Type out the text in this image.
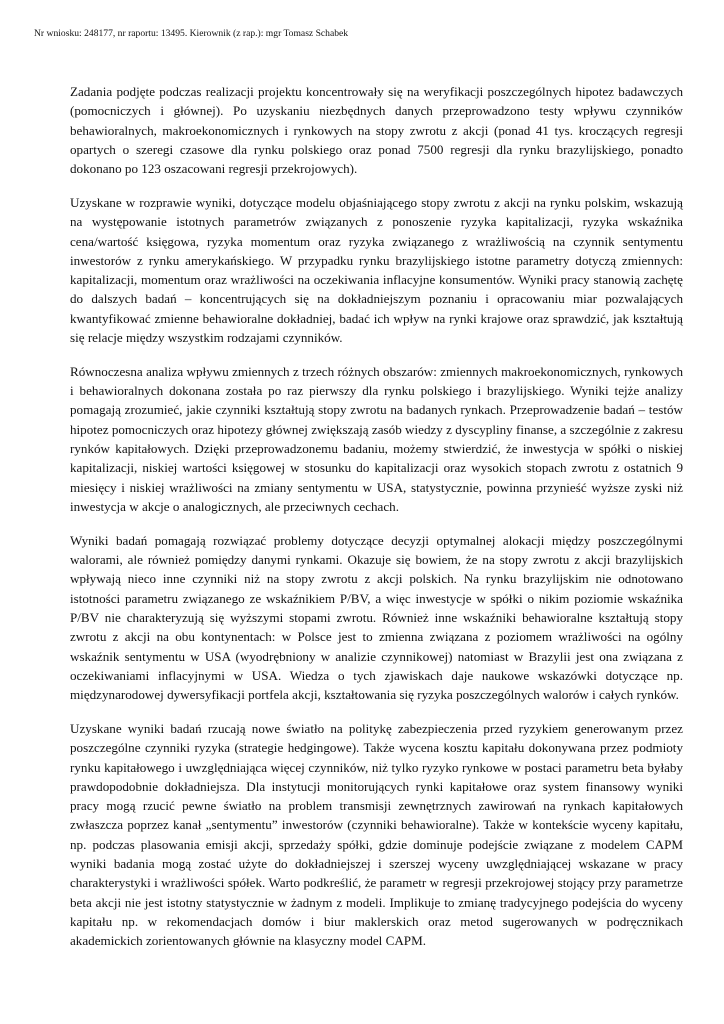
Nr wniosku: 248177, nr raportu: 13495. Kierownik (z rap.): mgr Tomasz Schabek

Zadania podjęte podczas realizacji projektu koncentrowały się na weryfikacji poszczególnych hipotez badawczych (pomocniczych i głównej). Po uzyskaniu niezbędnych danych przeprowadzono testy wpływu czynników behawioralnych, makroekonomicznych i rynkowych na stopy zwrotu z akcji (ponad 41 tys. kroczących regresji opartych o szeregi czasowe dla rynku polskiego oraz ponad 7500 regresji dla rynku brazylijskiego, ponadto dokonano po 123 oszacowani regresji przekrojowych).

Uzyskane w rozprawie wyniki, dotyczące modelu objaśniającego stopy zwrotu z akcji na rynku polskim, wskazują na występowanie istotnych parametrów związanych z ponoszenie ryzyka kapitalizacji, ryzyka wskaźnika cena/wartość księgowa, ryzyka momentum oraz ryzyka związanego z wrażliwością na czynnik sentymentu inwestorów z rynku amerykańskiego. W przypadku rynku brazylijskiego istotne parametry dotyczą zmiennych: kapitalizacji, momentum oraz wrażliwości na oczekiwania inflacyjne konsumentów. Wyniki pracy stanowią zachętę do dalszych badań – koncentrujących się na dokładniejszym poznaniu i opracowaniu miar pozwalających kwantyfikować zmienne behawioralne dokładniej, badać ich wpływ na rynki krajowe oraz sprawdzić, jak kształtują się relacje między wszystkim rodzajami czynników.

Równoczesna analiza wpływu zmiennych z trzech różnych obszarów: zmiennych makroekonomicznych, rynkowych i behawioralnych dokonana została po raz pierwszy dla rynku polskiego i brazylijskiego. Wyniki tejże analizy pomagają zrozumieć, jakie czynniki kształtują stopy zwrotu na badanych rynkach. Przeprowadzenie badań – testów hipotez pomocniczych oraz hipotezy głównej zwiększają zasób wiedzy z dyscypliny finanse, a szczególnie z zakresu rynków kapitałowych. Dzięki przeprowadzonemu badaniu, możemy stwierdzić, że inwestycja w spółki o niskiej kapitalizacji, niskiej wartości księgowej w stosunku do kapitalizacji oraz wysokich stopach zwrotu z ostatnich 9 miesięcy i niskiej wrażliwości na zmiany sentymentu w USA, statystycznie, powinna przynieść wyższe zyski niż inwestycja w akcje o analogicznych, ale przeciwnych cechach.

Wyniki badań pomagają rozwiązać problemy dotyczące decyzji optymalnej alokacji między poszczególnymi walorami, ale również pomiędzy danymi rynkami. Okazuje się bowiem, że na stopy zwrotu z akcji brazylijskich wpływają nieco inne czynniki niż na stopy zwrotu z akcji polskich. Na rynku brazylijskim nie odnotowano istotności parametru związanego ze wskaźnikiem P/BV, a więc inwestycje w spółki o nikim poziomie wskaźnika P/BV nie charakteryzują się wyższymi stopami zwrotu. Również inne wskaźniki behawioralne kształtują stopy zwrotu z akcji na obu kontynentach: w Polsce jest to zmienna związana z poziomem wrażliwości na ogólny wskaźnik sentymentu w USA (wyodrębniony w analizie czynnikowej) natomiast w Brazylii jest ona związana z oczekiwaniami inflacyjnymi w USA. Wiedza o tych zjawiskach daje naukowe wskazówki dotyczące np. międzynarodowej dywersyfikacji portfela akcji, kształtowania się ryzyka poszczególnych walorów i całych rynków.

Uzyskane wyniki badań rzucają nowe światło na politykę zabezpieczenia przed ryzykiem generowanym przez poszczególne czynniki ryzyka (strategie hedgingowe). Także wycena kosztu kapitału dokonywana przez podmioty rynku kapitałowego i uwzględniająca więcej czynników, niż tylko ryzyko rynkowe w postaci parametru beta byłaby prawdopodobnie dokładniejsza. Dla instytucji monitorujących rynki kapitałowe oraz system finansowy wyniki pracy mogą rzucić pewne światło na problem transmisji zewnętrznych zawirowań na rynkach kapitałowych zwłaszcza poprzez kanał „sentymentu” inwestorów (czynniki behawioralne). Także w kontekście wyceny kapitału, np. podczas plasowania emisji akcji, sprzedaży spółki, gdzie dominuje podejście związane z modelem CAPM wyniki badania mogą zostać użyte do dokładniejszej i szerszej wyceny uwzględniającej wskazane w pracy charakterystyki i wrażliwości spółek. Warto podkreślić, że parametr w regresji przekrojowej stojący przy parametrze beta akcji nie jest istotny statystycznie w żadnym z modeli. Implikuje to zmianę tradycyjnego podejścia do wyceny kapitału np. w rekomendacjach domów i biur maklerskich oraz metod sugerowanych w podręcznikach akademickich zorientowanych głównie na klasyczny model CAPM.
